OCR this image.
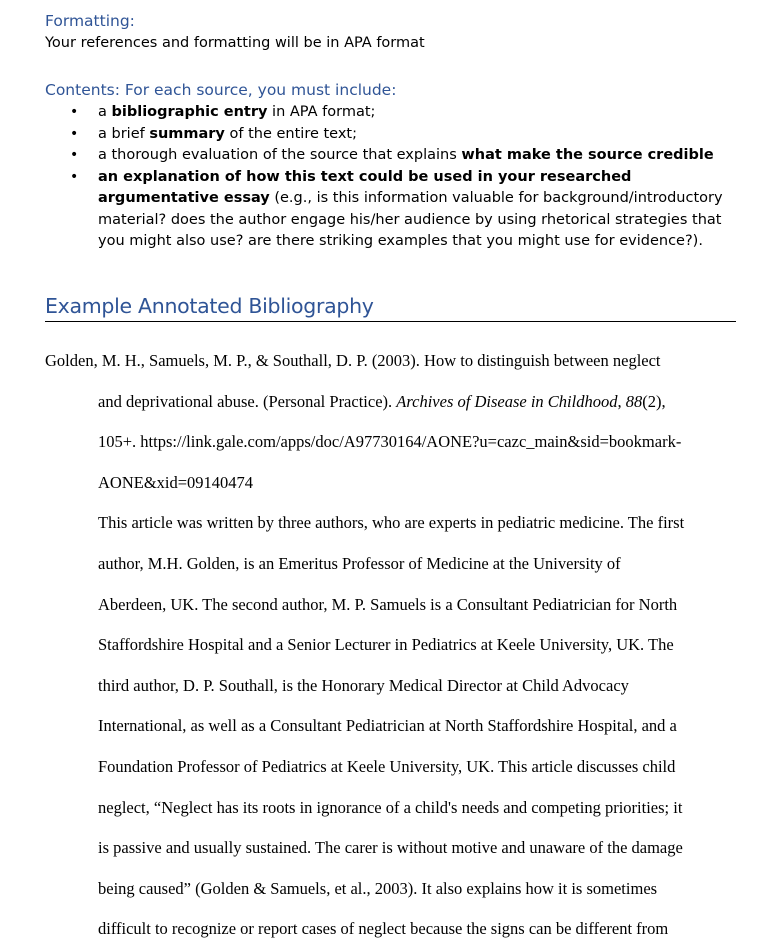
Formatting:
Your references and formatting will be in APA format
Contents: For each source, you must include:
• a bibliographic entry in APA format;
• a brief summary of the entire text;
• a thorough evaluation of the source that explains what make the source credible
• an explanation of how this text could be used in your researched argumentative essay (e.g., is this information valuable for background/introductory material? does the author engage his/her audience by using rhetorical strategies that you might also use? are there striking examples that you might use for evidence?).
Example Annotated Bibliography
Golden, M. H., Samuels, M. P., & Southall, D. P. (2003). How to distinguish between neglect
and deprivational abuse. (Personal Practice). Archives of Disease in Childhood, 88(2),
105+. https://link.gale.com/apps/doc/A97730164/AONE?u=cazc_main&sid=bookmark-
AONE&xid=09140474
This article was written by three authors, who are experts in pediatric medicine. The first
author, M.H. Golden, is an Emeritus Professor of Medicine at the University of
Aberdeen, UK. The second author, M. P. Samuels is a Consultant Pediatrician for North
Staffordshire Hospital and a Senior Lecturer in Pediatrics at Keele University, UK. The
third author, D. P. Southall, is the Honorary Medical Director at Child Advocacy
International, as well as a Consultant Pediatrician at North Staffordshire Hospital, and a
Foundation Professor of Pediatrics at Keele University, UK. This article discusses child
neglect, “Neglect has its roots in ignorance of a child's needs and competing priorities; it
is passive and usually sustained. The carer is without motive and unaware of the damage
being caused” (Golden & Samuels, et al., 2003). It also explains how it is sometimes
difficult to recognize or report cases of neglect because the signs can be different from
